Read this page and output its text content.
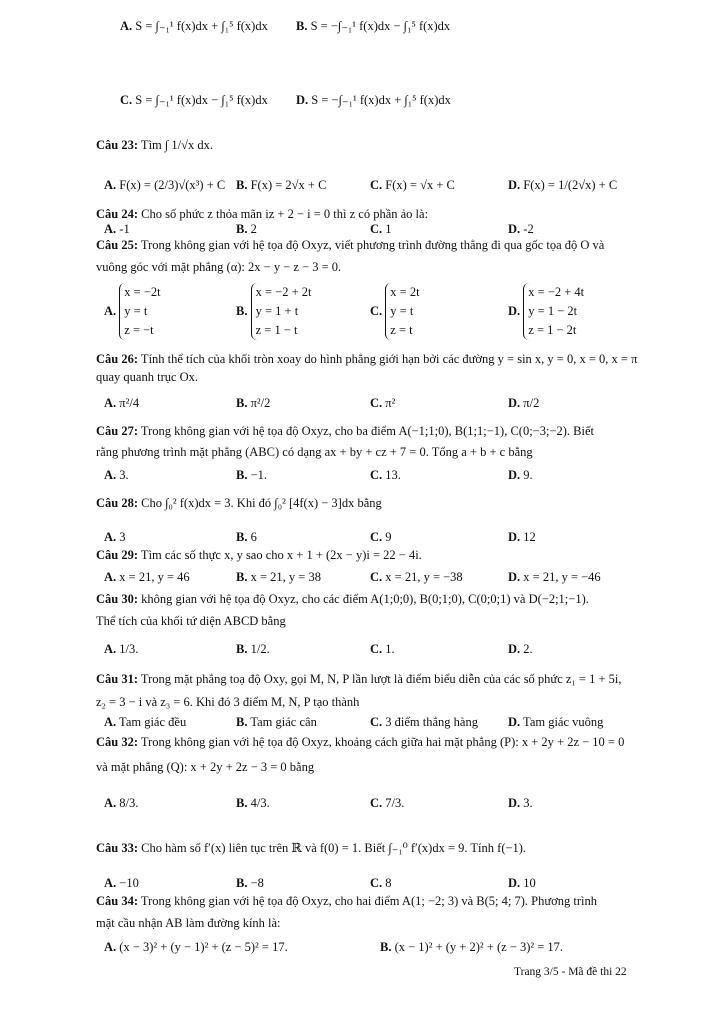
A. S = ∫₋₁¹ f(x)dx + ∫₁⁵ f(x)dx B. S = −∫₋₁¹ f(x)dx − ∫₁⁵ f(x)dx
C. S = ∫₋₁¹ f(x)dx − ∫₁⁵ f(x)dx D. S = −∫₋₁¹ f(x)dx + ∫₁⁵ f(x)dx
Câu 23: Tìm ∫ 1/√x dx.
A. F(x) = (2/3)√(x³) + C B. F(x) = 2√x + C	C. F(x) = √x + C	D. F(x) = 1/(2√x) + C
Câu 24: Cho số phức z thỏa mãn iz + 2 − i = 0 thì z có phần ảo là:
A. -1	B. 2	C. 1	D. -2
Câu 25: Trong không gian với hệ tọa độ Oxyz, viết phương trình đường thẳng đi qua gốc tọa độ O và
vuông góc với mặt phẳng (α): 2x − y − z − 3 = 0.
A.
x = −2t
y = t
z = −t
B.
x = −2 + 2t
y = 1 + t
z = 1 − t
C.
x = 2t
y = t
z = t
D.
x = −2 + 4t
y = 1 − 2t
z = 1 − 2t
Câu 26: Tính thể tích của khối tròn xoay do hình phẳng giới hạn bởi các đường y = sin x, y = 0, x = 0, x = π
quay quanh trục Ox.
A. π²/4	B. π²/2	C. π²	D. π/2
Câu 27: Trong không gian với hệ tọa độ Oxyz, cho ba điểm A(−1;1;0), B(1;1;−1), C(0;−3;−2). Biết
rằng phương trình mặt phẳng (ABC) có dạng ax + by + cz + 7 = 0. Tổng a + b + c bằng
A. 3.	B. −1.	C. 13.	D. 9.
Câu 28: Cho ∫₀² f(x)dx = 3. Khi đó ∫₀² [4f(x) − 3]dx bằng
A. 3	B. 6	C. 9	D. 12
Câu 29: Tìm các số thực x, y sao cho x + 1 + (2x − y)i = 22 − 4i.
A. x = 21, y = 46	B. x = 21, y = 38	C. x = 21, y = −38	D. x = 21, y = −46
Câu 30: không gian với hệ tọa độ Oxyz, cho các điểm A(1;0;0), B(0;1;0), C(0;0;1) và D(−2;1;−1).
Thể tích của khối tứ diện ABCD bằng
A. 1/3.	B. 1/2.	C. 1.	D. 2.
Câu 31: Trong mặt phẳng toạ độ Oxy, gọi M, N, P lần lượt là điểm biểu diễn của các số phức z₁ = 1 + 5i,
z₂ = 3 − i và z₃ = 6. Khi đó 3 điểm M, N, P tạo thành
A. Tam giác đều	B. Tam giác cân	C. 3 điểm thẳng hàng D. Tam giác vuông
Câu 32: Trong không gian với hệ tọa độ Oxyz, khoảng cách giữa hai mặt phẳng (P): x + 2y + 2z − 10 = 0
và mặt phẳng (Q): x + 2y + 2z − 3 = 0 bằng
A. 8/3.	B. 4/3.	C. 7/3.	D. 3.
Câu 33: Cho hàm số f′(x) liên tục trên ℝ và f(0) = 1. Biết ∫₋₁⁰ f′(x)dx = 9. Tính f(−1).
A. −10	B. −8	C. 8	D. 10
Câu 34: Trong không gian với hệ tọa độ Oxyz, cho hai điểm A(1; −2; 3) và B(5; 4; 7). Phương trình
mặt cầu nhận AB làm đường kính là:
A. (x − 3)² + (y − 1)² + (z − 5)² = 17.	B. (x − 1)² + (y + 2)² + (z − 3)² = 17.
Trang 3/5 - Mã đề thi 22
